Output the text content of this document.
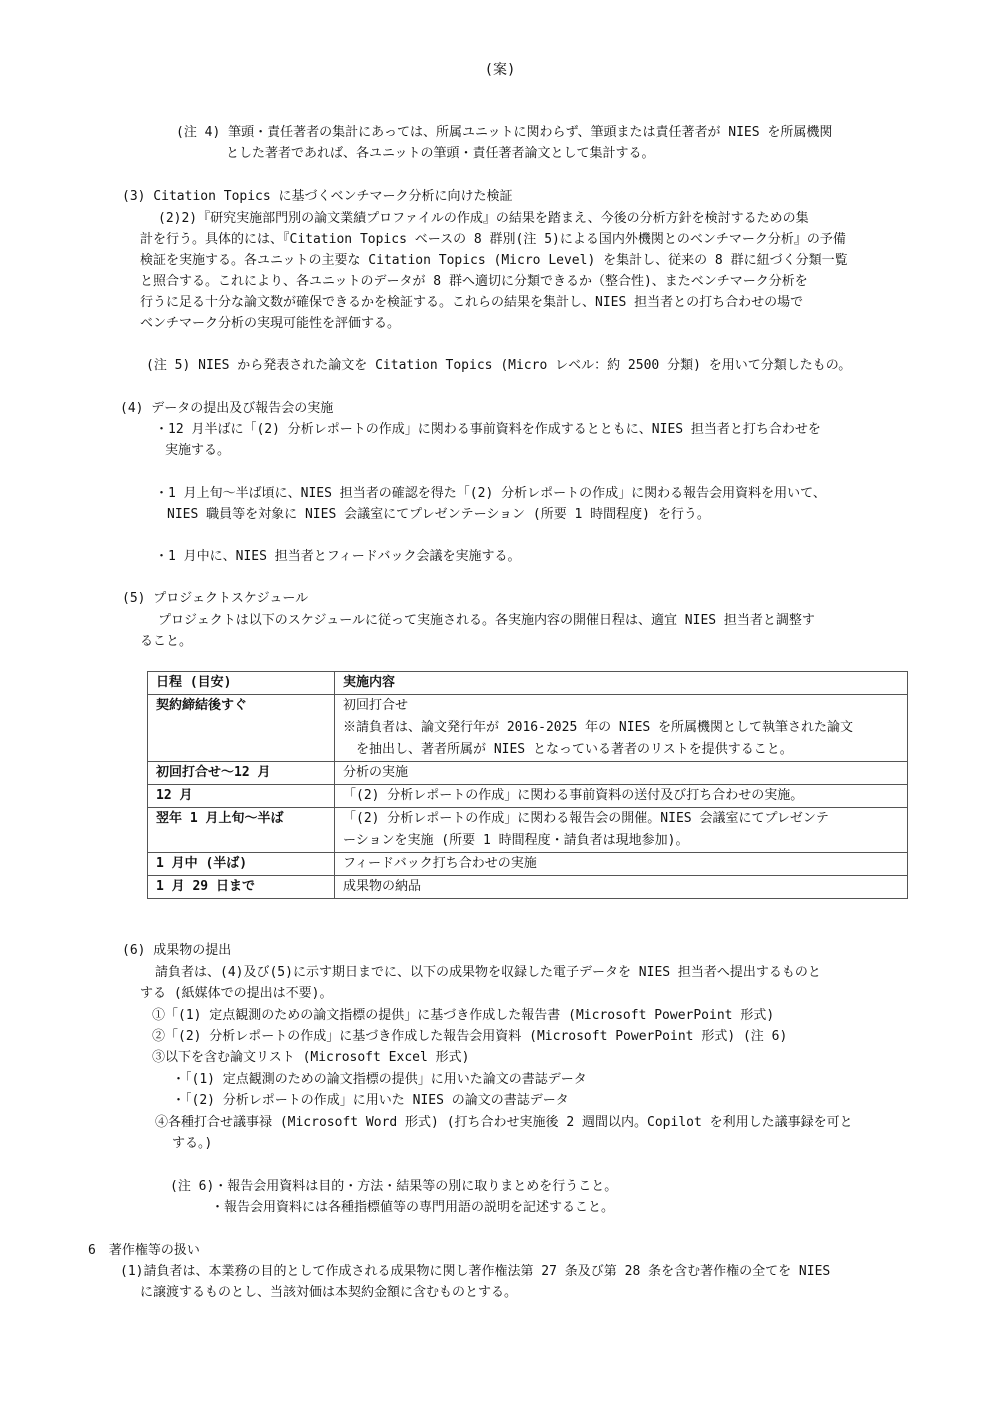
(案)
(注 4) 筆頭・責任著者の集計にあっては、所属ユニットに関わらず、筆頭または責任著者が NIES を所属機関
とした著者であれば、各ユニットの筆頭・責任著者論文として集計する。
(3) Citation Topics に基づくベンチマーク分析に向けた検証
(2)2)『研究実施部門別の論文業績プロファイルの作成』の結果を踏まえ、今後の分析方針を検討するための集
計を行う。具体的には、『Citation Topics ベースの 8 群別(注 5)による国内外機関とのベンチマーク分析』の予備
検証を実施する。各ユニットの主要な Citation Topics (Micro Level) を集計し、従来の 8 群に紐づく分類一覧
と照合する。これにより、各ユニットのデータが 8 群へ適切に分類できるか（整合性)、またベンチマーク分析を
行うに足る十分な論文数が確保できるかを検証する。これらの結果を集計し、NIES 担当者との打ち合わせの場で
ベンチマーク分析の実現可能性を評価する。
(注 5) NIES から発表された論文を Citation Topics (Micro レベル：約 2500 分類) を用いて分類したもの。
(4) データの提出及び報告会の実施
・12 月半ばに「(2) 分析レポートの作成」に関わる事前資料を作成するとともに、NIES 担当者と打ち合わせを
実施する。
・1 月上旬～半ば頃に、NIES 担当者の確認を得た「(2) 分析レポートの作成」に関わる報告会用資料を用いて、
NIES 職員等を対象に NIES 会議室にてプレゼンテーション (所要 1 時間程度) を行う。
・1 月中に、NIES 担当者とフィードバック会議を実施する。
(5) プロジェクトスケジュール
プロジェクトは以下のスケジュールに従って実施される。各実施内容の開催日程は、適宜 NIES 担当者と調整す
ること。
日程 (目安)	実施内容
契約締結後すぐ	初回打合せ
※請負者は、論文発行年が 2016-2025 年の NIES を所属機関として執筆された論文
　を抽出し、著者所属が NIES となっている著者のリストを提供すること。

初回打合せ～12 月	分析の実施

12 月	「(2) 分析レポートの作成」に関わる事前資料の送付及び打ち合わせの実施。

翌年 1 月上旬～半ば	「(2) 分析レポートの作成」に関わる報告会の開催。NIES 会議室にてプレゼンテ
ーションを実施 (所要 1 時間程度・請負者は現地参加)。

1 月中 (半ば)	フィードバック打ち合わせの実施

1 月 29 日まで	成果物の納品
(6) 成果物の提出
請負者は、(4)及び(5)に示す期日までに、以下の成果物を収録した電子データを NIES 担当者へ提出するものと
する (紙媒体での提出は不要)。
①「(1) 定点観測のための論文指標の提供」に基づき作成した報告書 (Microsoft PowerPoint 形式)
②「(2) 分析レポートの作成」に基づき作成した報告会用資料 (Microsoft PowerPoint 形式) (注 6)
③以下を含む論文リスト (Microsoft Excel 形式)
・「(1) 定点観測のための論文指標の提供」に用いた論文の書誌データ
・「(2) 分析レポートの作成」に用いた NIES の論文の書誌データ
④各種打合せ議事禄 (Microsoft Word 形式) (打ち合わせ実施後 2 週間以内。Copilot を利用した議事録を可と
する。)
(注 6)・報告会用資料は目的・方法・結果等の別に取りまとめを行うこと。
・報告会用資料には各種指標値等の専門用語の説明を記述すること。
6　著作権等の扱い
(1)請負者は、本業務の目的として作成される成果物に関し著作権法第 27 条及び第 28 条を含む著作権の全てを NIES
に譲渡するものとし、当該対価は本契約金額に含むものとする。
